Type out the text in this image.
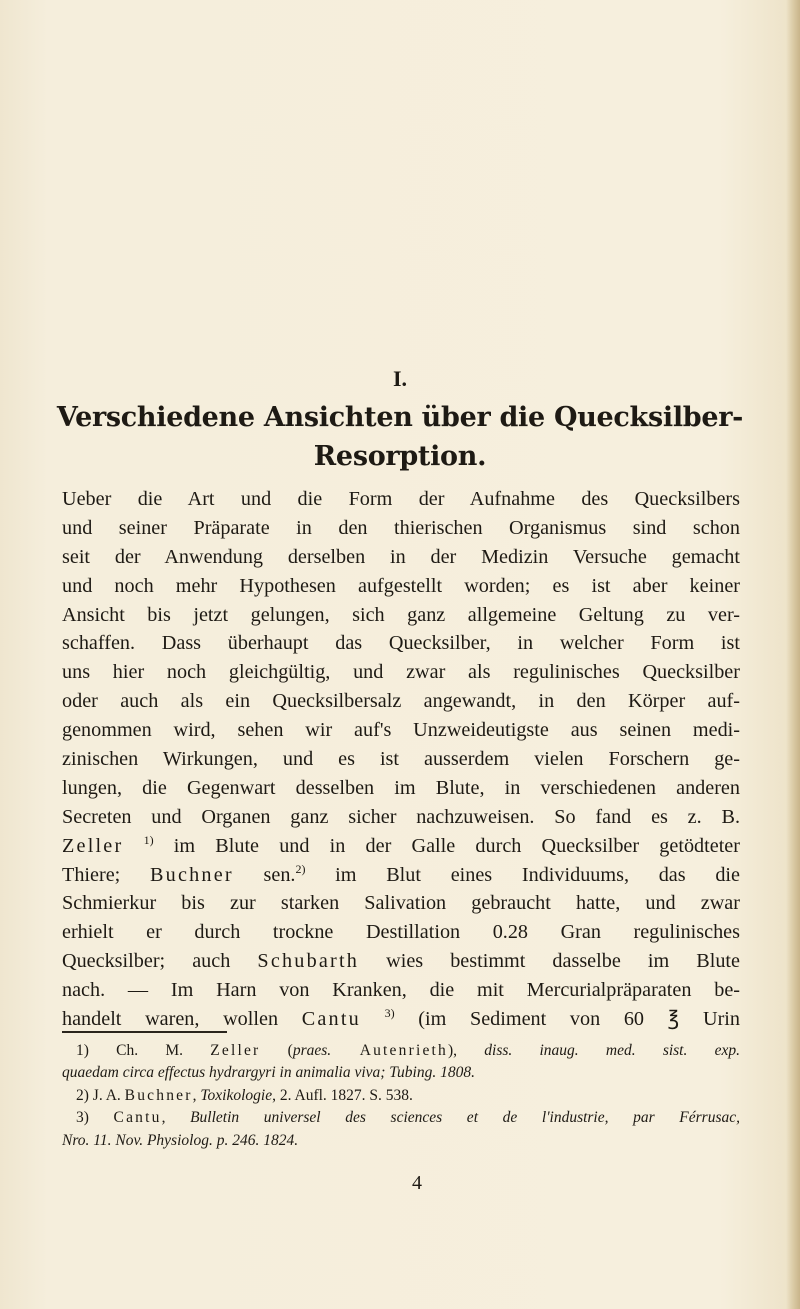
I.
Verschiedene Ansichten über die Quecksilber-
Resorption.
Ueber die Art und die Form der Aufnahme des Quecksilbers
und seiner Präparate in den thierischen Organismus sind schon
seit der Anwendung derselben in der Medizin Versuche gemacht
und noch mehr Hypothesen aufgestellt worden; es ist aber keiner
Ansicht bis jetzt gelungen, sich ganz allgemeine Geltung zu ver-
schaffen. Dass überhaupt das Quecksilber, in welcher Form ist
uns hier noch gleichgültig, und zwar als regulinisches Quecksilber
oder auch als ein Quecksilbersalz angewandt, in den Körper auf-
genommen wird, sehen wir auf's Unzweideutigste aus seinen medi-
zinischen Wirkungen, und es ist ausserdem vielen Forschern ge-
lungen, die Gegenwart desselben im Blute, in verschiedenen anderen
Secreten und Organen ganz sicher nachzuweisen. So fand es z. B.
Zeller $^{1)}$ im Blute und in der Galle durch Quecksilber getödteter
Thiere; Buchner sen.$^{2)}$ im Blut eines Individuums, das die
Schmierkur bis zur starken Salivation gebraucht hatte, und zwar
erhielt er durch trockne Destillation 0.28 Gran regulinisches
Quecksilber; auch Schubarth wies bestimmt dasselbe im Blute
nach. — Im Harn von Kranken, die mit Mercurialpräparaten be-
handelt waren, wollen Cantu $^{3)}$ (im Sediment von 60 ℥ Urin
1) Ch. M. Zeller (praes. Autenrieth), diss. inaug. med. sist. exp.
quaedam circa effectus hydrargyri in animalia viva; Tubing. 1808.
2) J. A. Buchner, Toxikologie, 2. Aufl. 1827. S. 538.
3) Cantu, Bulletin universel des sciences et de l'industrie, par Férrusac,
Nro. 11. Nov. Physiolog. p. 246. 1824.
4
